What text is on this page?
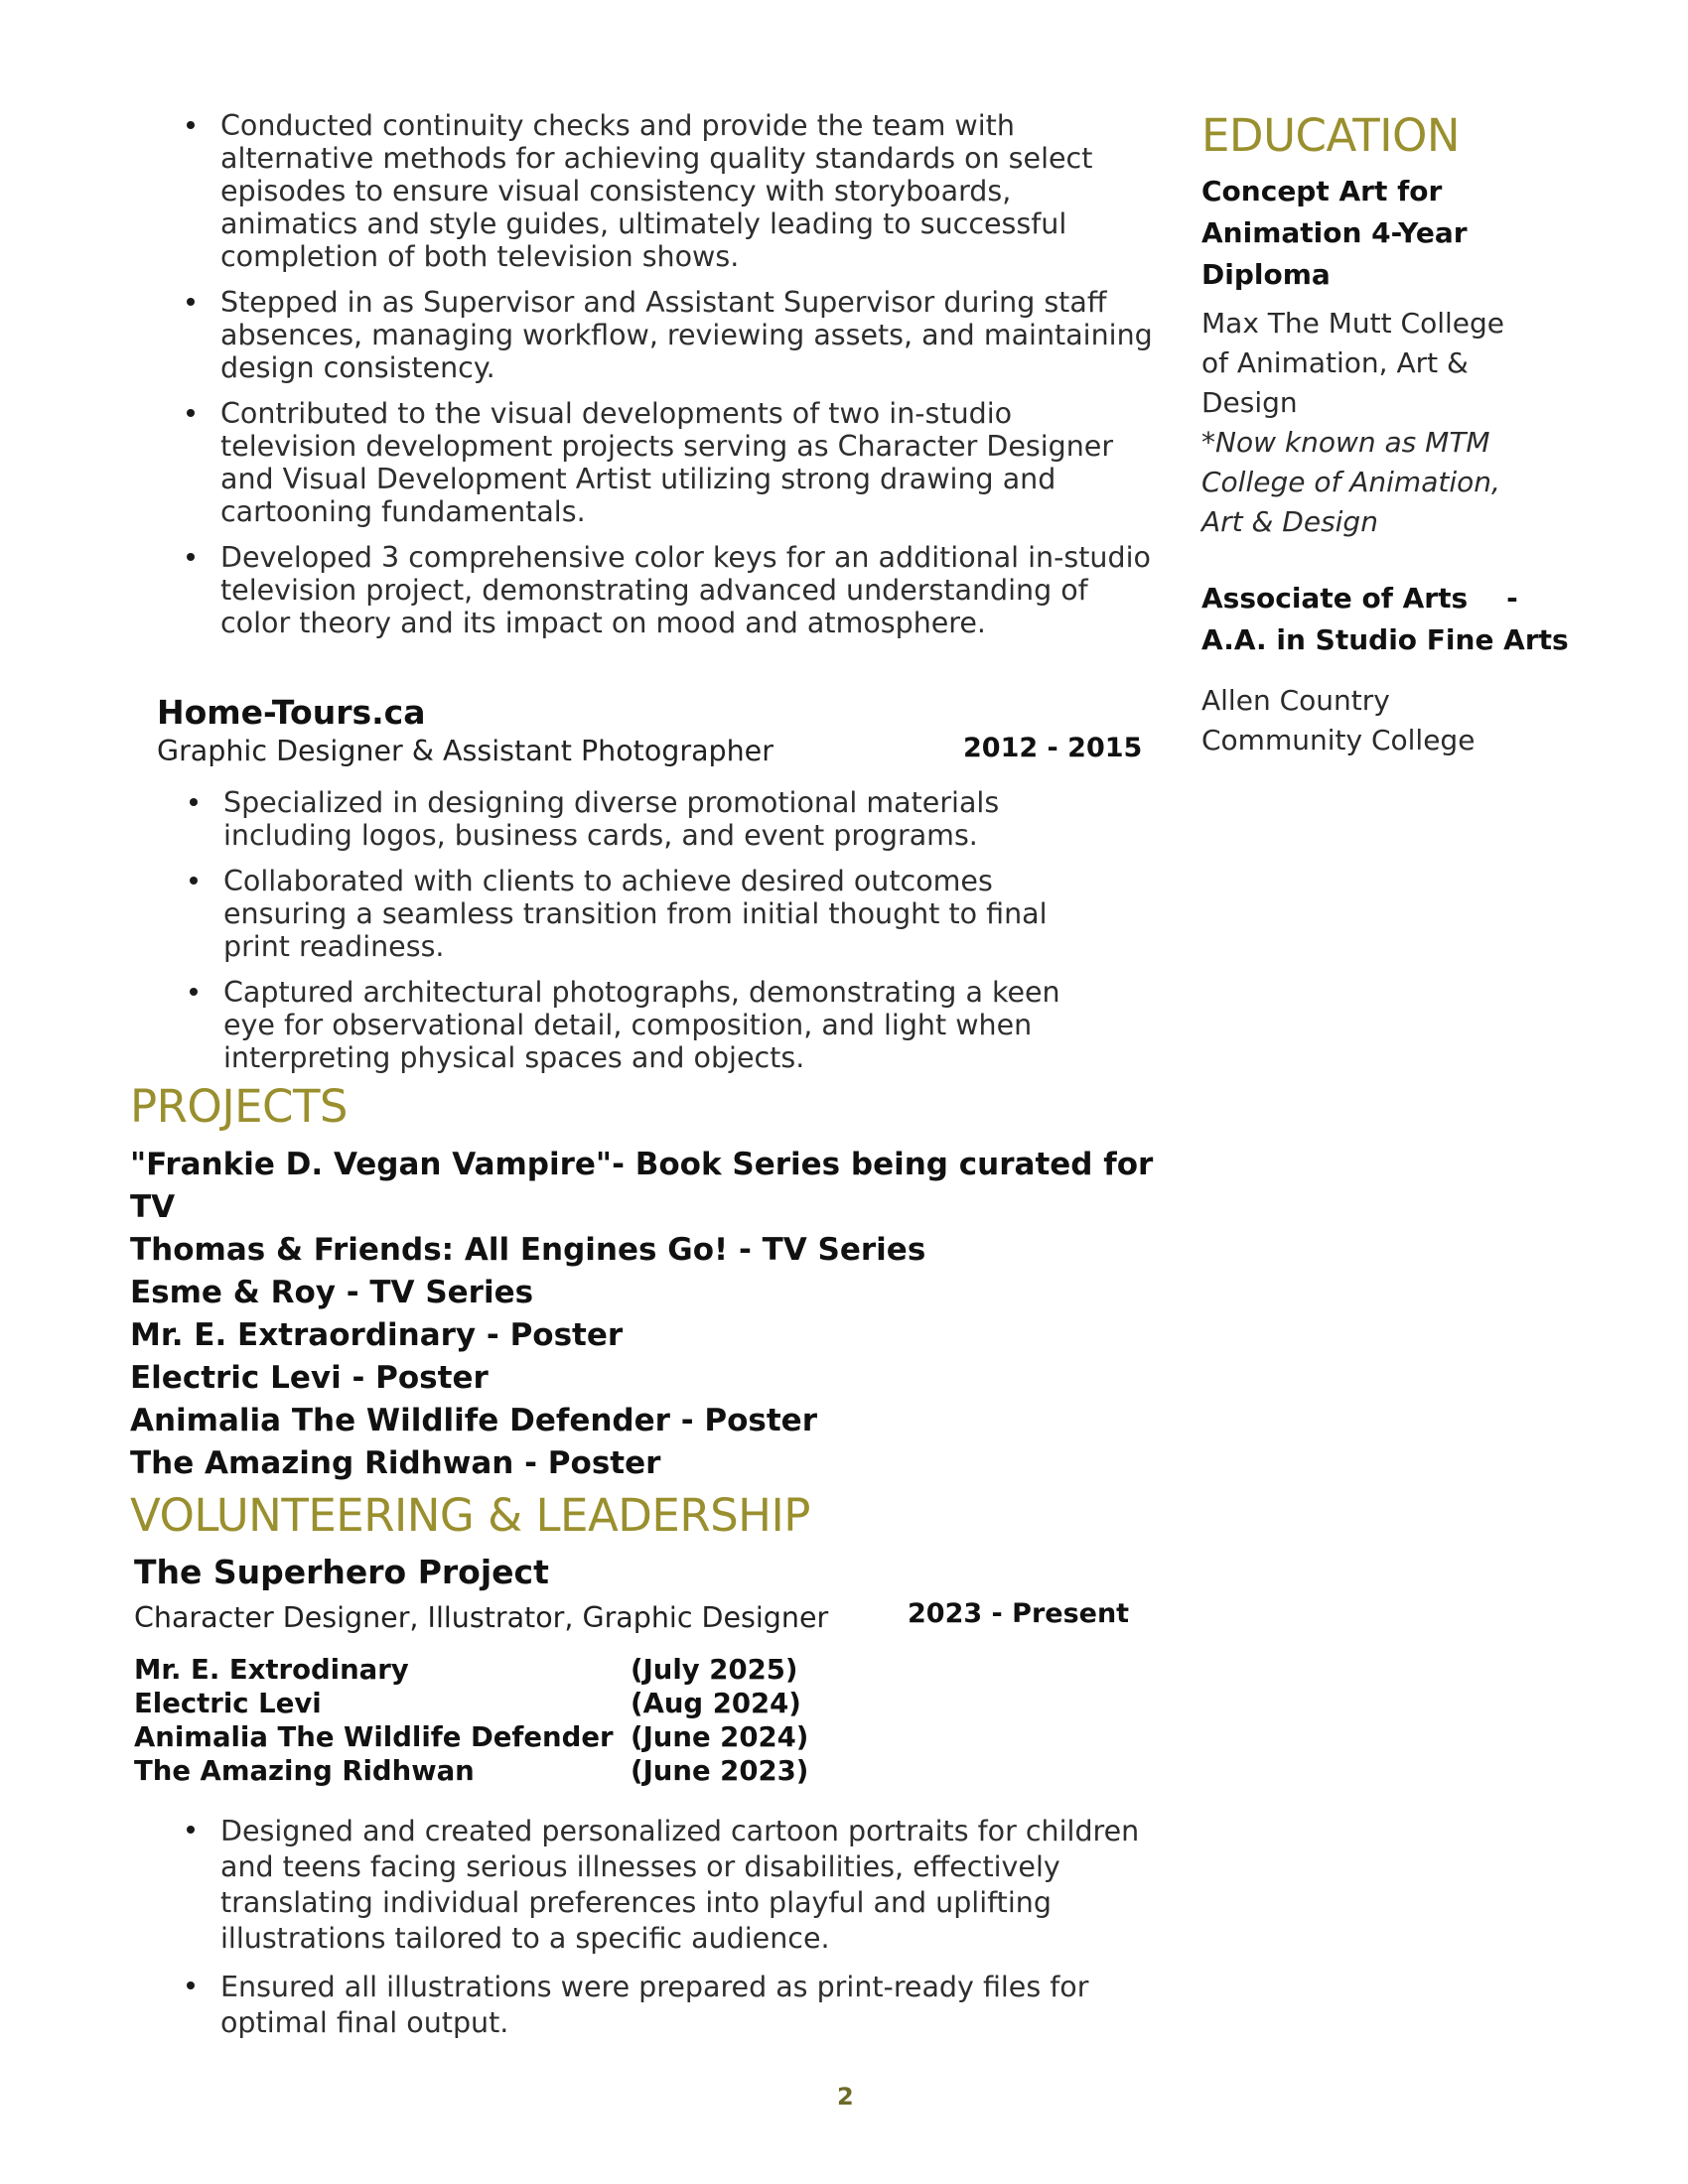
Conducted continuity checks and provide the team with alternative methods for achieving quality standards on select episodes to ensure visual consistency with storyboards, animatics and style guides, ultimately leading to successful completion of both television shows.
Stepped in as Supervisor and Assistant Supervisor during staff absences, managing workflow, reviewing assets, and maintaining design consistency.
Contributed to the visual developments of two in-studio television development projects serving as Character Designer and Visual Development Artist utilizing strong drawing and cartooning fundamentals.
Developed 3 comprehensive color keys for an additional in-studio television project, demonstrating advanced understanding of color theory and its impact on mood and atmosphere.
Home-Tours.ca
Graphic Designer & Assistant Photographer	2012 - 2015
Specialized in designing diverse promotional materials including logos, business cards, and event programs.
Collaborated with clients to achieve desired outcomes ensuring a seamless transition from initial thought to final print readiness.
Captured architectural photographs, demonstrating a keen eye for observational detail, composition, and light when interpreting physical spaces and objects.
PROJECTS
"Frankie D. Vegan Vampire"- Book Series being curated for TV
Thomas & Friends: All Engines Go! - TV Series
Esme & Roy - TV Series
Mr. E. Extraordinary - Poster
Electric Levi - Poster
Animalia The Wildlife Defender - Poster
The Amazing Ridhwan - Poster
VOLUNTEERING & LEADERSHIP
The Superhero Project
Character Designer, Illustrator, Graphic Designer	2023 - Present
Mr. E. Extrodinary	(July 2025)
Electric Levi	(Aug 2024)
Animalia The Wildlife Defender (June 2024)
The Amazing Ridhwan	(June 2023)
Designed and created personalized cartoon portraits for children and teens facing serious illnesses or disabilities, effectively translating individual preferences into playful and uplifting illustrations tailored to a specific audience.
Ensured all illustrations were prepared as print-ready files for optimal final output.
EDUCATION
Concept Art for
Animation 4-Year
Diploma
Max The Mutt College
of Animation, Art &
Design
*Now known as MTM
College of Animation,
Art & Design
Associate of Arts    -
A.A. in Studio Fine Arts
Allen Country
Community College
2
